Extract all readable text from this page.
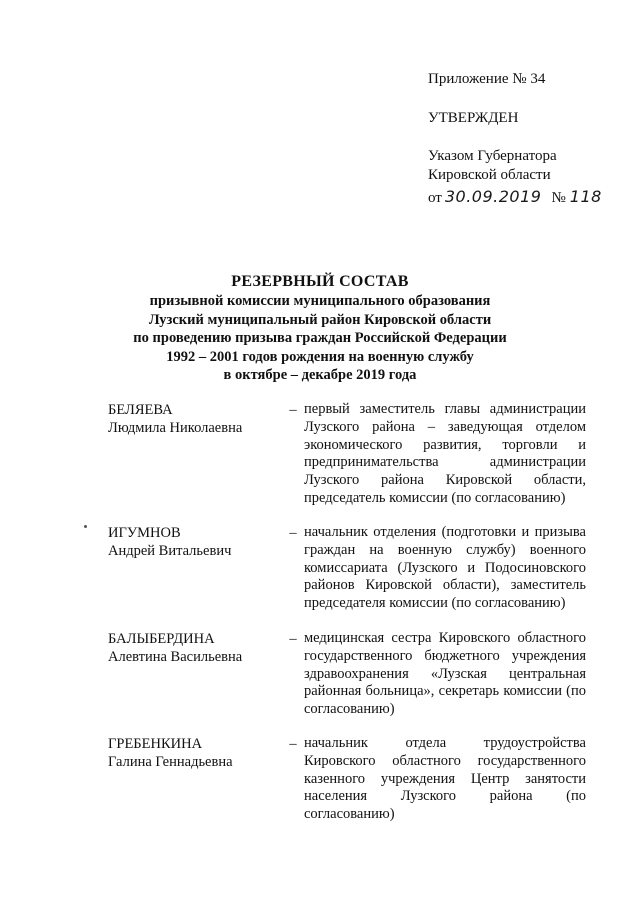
Приложение № 34
УТВЕРЖДЕН
Указом Губернатора
Кировской области
от 30.09.2019 № 118
РЕЗЕРВНЫЙ СОСТАВ
призывной комиссии муниципального образования
Лузский муниципальный район Кировской области
по проведению призыва граждан Российской Федерации
1992 – 2001 годов рождения на военную службу
в октябре – декабре 2019 года
БЕЛЯЕВА
Людмила Николаевна
– первый заместитель главы администрации Лузского района – заведующая отделом экономического развития, торговли и предпринимательства администрации Лузского района Кировской области, председатель комиссии (по согласованию)
ИГУМНОВ
Андрей Витальевич
– начальник отделения (подготовки и призыва граждан на военную службу) военного комиссариата (Лузского и Подосиновского районов Кировской области), заместитель председателя комиссии (по согласованию)
БАЛЫБЕРДИНА
Алевтина Васильевна
– медицинская сестра Кировского областного государственного бюджетного учреждения здравоохранения «Лузская центральная районная больница», секретарь комиссии (по согласованию)
ГРЕБЕНКИНА
Галина Геннадьевна
– начальник отдела трудоустройства Кировского областного государственного казенного учреждения Центр занятости населения Лузского района (по согласованию)
